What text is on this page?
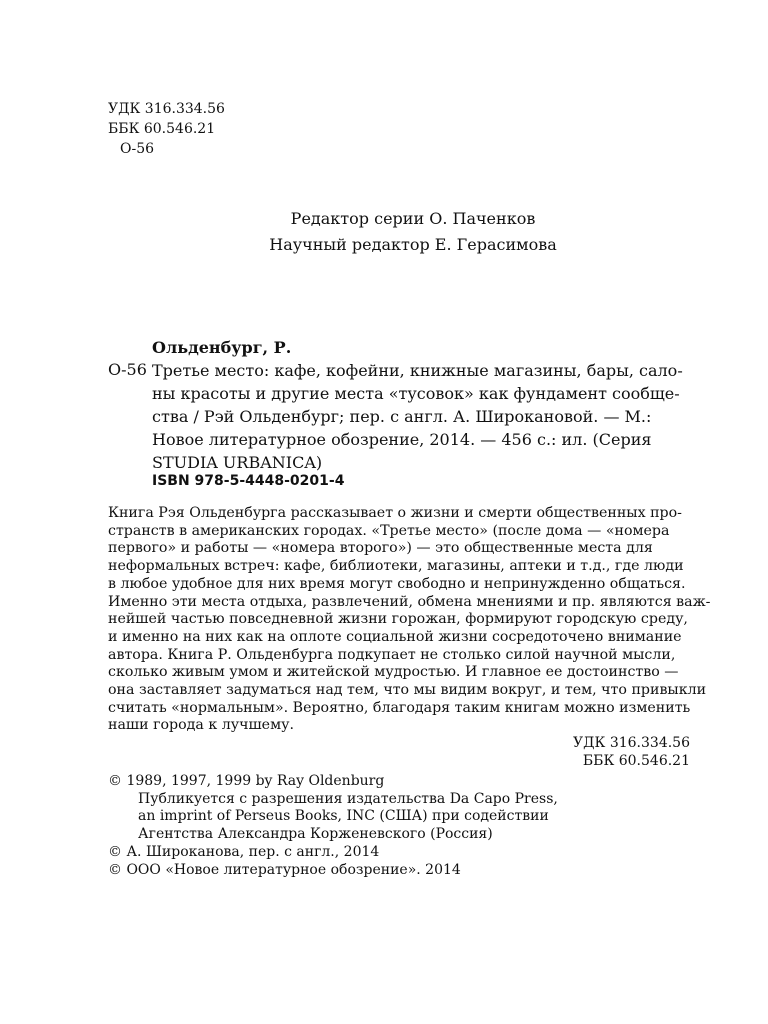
УДК 316.334.56
ББК 60.546.21
О-56
Редактор серии О. Паченков
Научный редактор Е. Герасимова
Ольденбург, Р.
О-56 Третье место: кафе, кофейни, книжные магазины, бары, сало-
ны красоты и другие места «тусовок» как фундамент сообще-
ства / Рэй Ольденбург; пер. с англ. А. Широкановой. — М.:
Новое литературное обозрение, 2014. — 456 с.: ил. (Серия
STUDIA URBANICA)
ISBN 978-5-4448-0201-4
Книга Рэя Ольденбурга рассказывает о жизни и смерти общественных про-
странств в американских городах. «Третье место» (после дома — «номера
первого» и работы — «номера второго») — это общественные места для
неформальных встреч: кафе, библиотеки, магазины, аптеки и т.д., где люди
в любое удобное для них время могут свободно и непринужденно общаться.
Именно эти места отдыха, развлечений, обмена мнениями и пр. являются важ-
нейшей частью повседневной жизни горожан, формируют городскую среду,
и именно на них как на оплоте социальной жизни сосредоточено внимание
автора. Книга Р. Ольденбурга подкупает не столько силой научной мысли,
сколько живым умом и житейской мудростью. И главное ее достоинство —
она заставляет задуматься над тем, что мы видим вокруг, и тем, что привыкли
считать «нормальным». Вероятно, благодаря таким книгам можно изменить
наши города к лучшему.
УДК 316.334.56
ББК 60.546.21
© 1989, 1997, 1999 by Ray Oldenburg
Публикуется с разрешения издательства Da Capo Press,
an imprint of Perseus Books, INC (США) при содействии
Агентства Александра Корженевского (Россия)
© А. Широканова, пер. с англ., 2014
© ООО «Новое литературное обозрение». 2014
